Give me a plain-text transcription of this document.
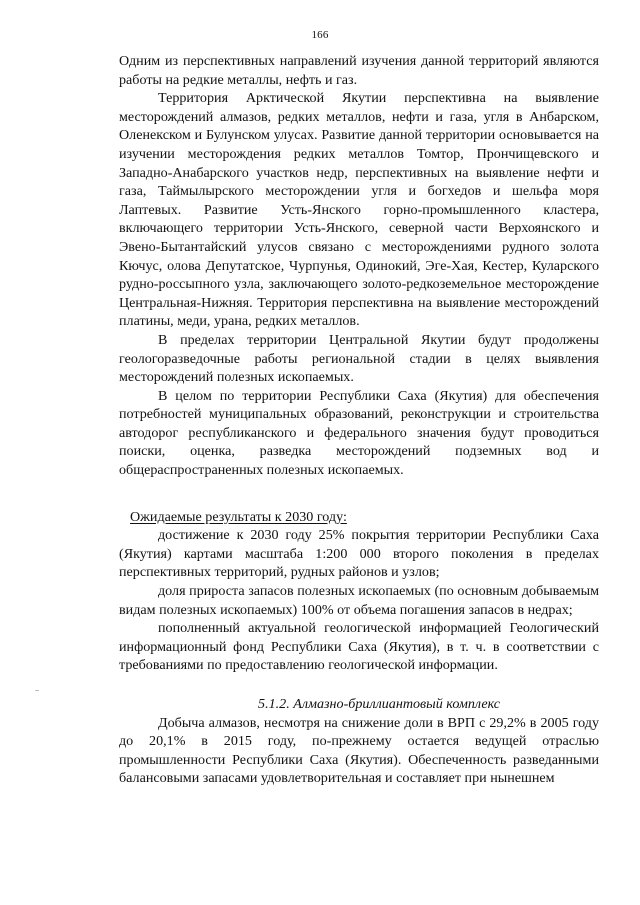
166

Одним из перспективных направлений изучения данной территорий являются работы на редкие металлы, нефть и газ.

Территория Арктической Якутии перспективна на выявление месторождений алмазов, редких металлов, нефти и газа, угля в Анбарском, Оленекском и Булунском улусах. Развитие данной территории основывается на изучении месторождения редких металлов Томтор, Прончищевского и Западно-Анабарского участков недр, перспективных на выявление нефти и газа, Таймылырского месторождении угля и богхедов и шельфа моря Лаптевых. Развитие Усть-Янского горно-промышленного кластера, включающего территории Усть-Янского, северной части Верхоянского и Эвено-Бытантайский улусов связано с месторождениями рудного золота Кючус, олова Депутатское, Чурпунья, Одинокий, Эге-Хая, Кестер, Куларского рудно-россыпного узла, заключающего золото-редкоземельное месторождение Центральная-Нижняя. Территория перспективна на выявление месторождений платины, меди, урана, редких металлов.

В пределах территории Центральной Якутии будут продолжены геологоразведочные работы региональной стадии в целях выявления месторождений полезных ископаемых.

В целом по территории Республики Саха (Якутия) для обеспечения потребностей муниципальных образований, реконструкции и строительства автодорог республиканского и федерального значения будут проводиться поиски, оценка, разведка месторождений подземных вод и общераспространенных полезных ископаемых.

Ожидаемые результаты к 2030 году:

достижение к 2030 году 25% покрытия территории Республики Саха (Якутия) картами масштаба 1:200 000 второго поколения в пределах перспективных территорий, рудных районов и узлов;

доля прироста запасов полезных ископаемых (по основным добываемым видам полезных ископаемых) 100% от объема погашения запасов в недрах;

пополненный актуальной геологической информацией Геологический информационный фонд Республики Саха (Якутия), в т. ч. в соответствии с требованиями по предоставлению геологической информации.

5.1.2. Алмазно-бриллиантовый комплекс

Добыча алмазов, несмотря на снижение доли в ВРП с 29,2% в 2005 году до 20,1% в 2015 году, по-прежнему остается ведущей отраслью промышленности Республики Саха (Якутия). Обеспеченность разведанными балансовыми запасами удовлетворительная и составляет при нынешнем
